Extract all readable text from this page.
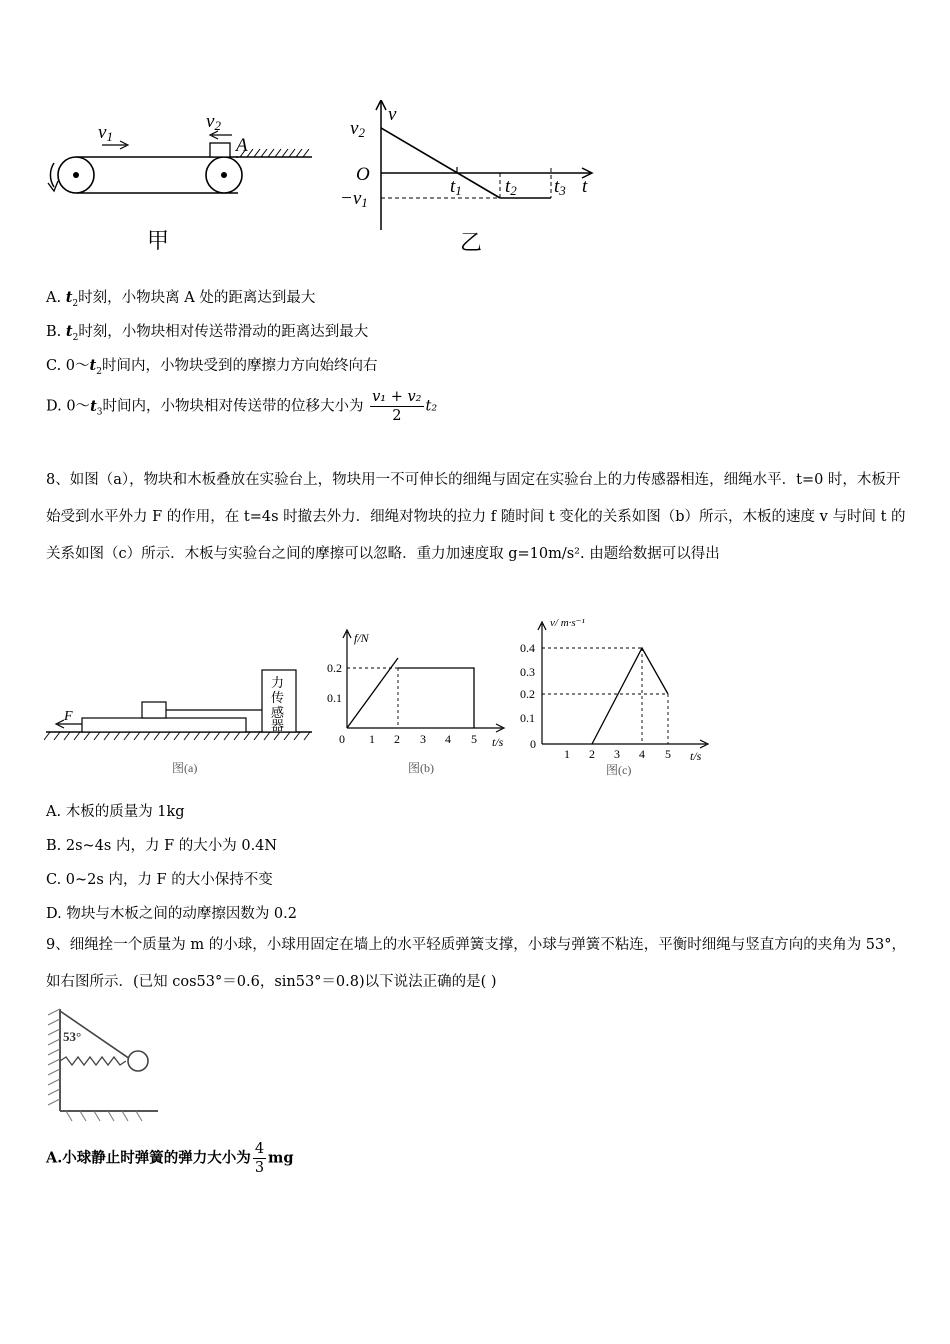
v1
v2
A
甲
v2
v
O
−v1
t1 t2 t3 t
乙
A. $t_2$时刻，小物块离 A 处的距离达到最大
B. $t_2$时刻，小物块相对传送带滑动的距离达到最大
C. $0\sim t_2$时间内，小物块受到的摩擦力方向始终向右
D. $0\sim t_3$时间内，小物块相对传送带的位移大小为 $\frac{\text{v₁ + v₂}}{2} t_2$
8、如图（a），物块和木板叠放在实验台上，物块用一不可伸长的细绳与固定在实验台上的力传感器相连，细绳水平．t=0 时，木板开始受到水平外力 F 的作用，在 t=4s 时撤去外力．细绳对物块的拉力 f 随时间 t 变化的关系如图（b）所示，木板的速度 v 与时间 t 的关系如图（c）所示．木板与实验台之间的摩擦可以忽略．重力加速度取 g=10m/s². 由题给数据可以得出
力
传
感
器
F
图(a)
f/N
0.2
0.1
0 1 2 3 4 5 t/s
图(b)
v/ m·s⁻¹
0.4
0.3
0.2
0.1
0
1 2 3 4 5 t/s
图(c)
A. 木板的质量为 1kg
B. 2s~4s 内，力 F 的大小为 0.4N
C. 0~2s 内，力 F 的大小保持不变
D. 物块与木板之间的动摩擦因数为 0.2
9、细绳拴一个质量为 m 的小球，小球用固定在墙上的水平轻质弹簧支撑，小球与弹簧不粘连，平衡时细绳与竖直方向的夹角为 53°，如右图所示．(已知 cos53°＝0.6，sin53°＝0.8)以下说法正确的是( )
53°
A.小球静止时弹簧的弹力大小为 $\frac{4}{3}$ mg
